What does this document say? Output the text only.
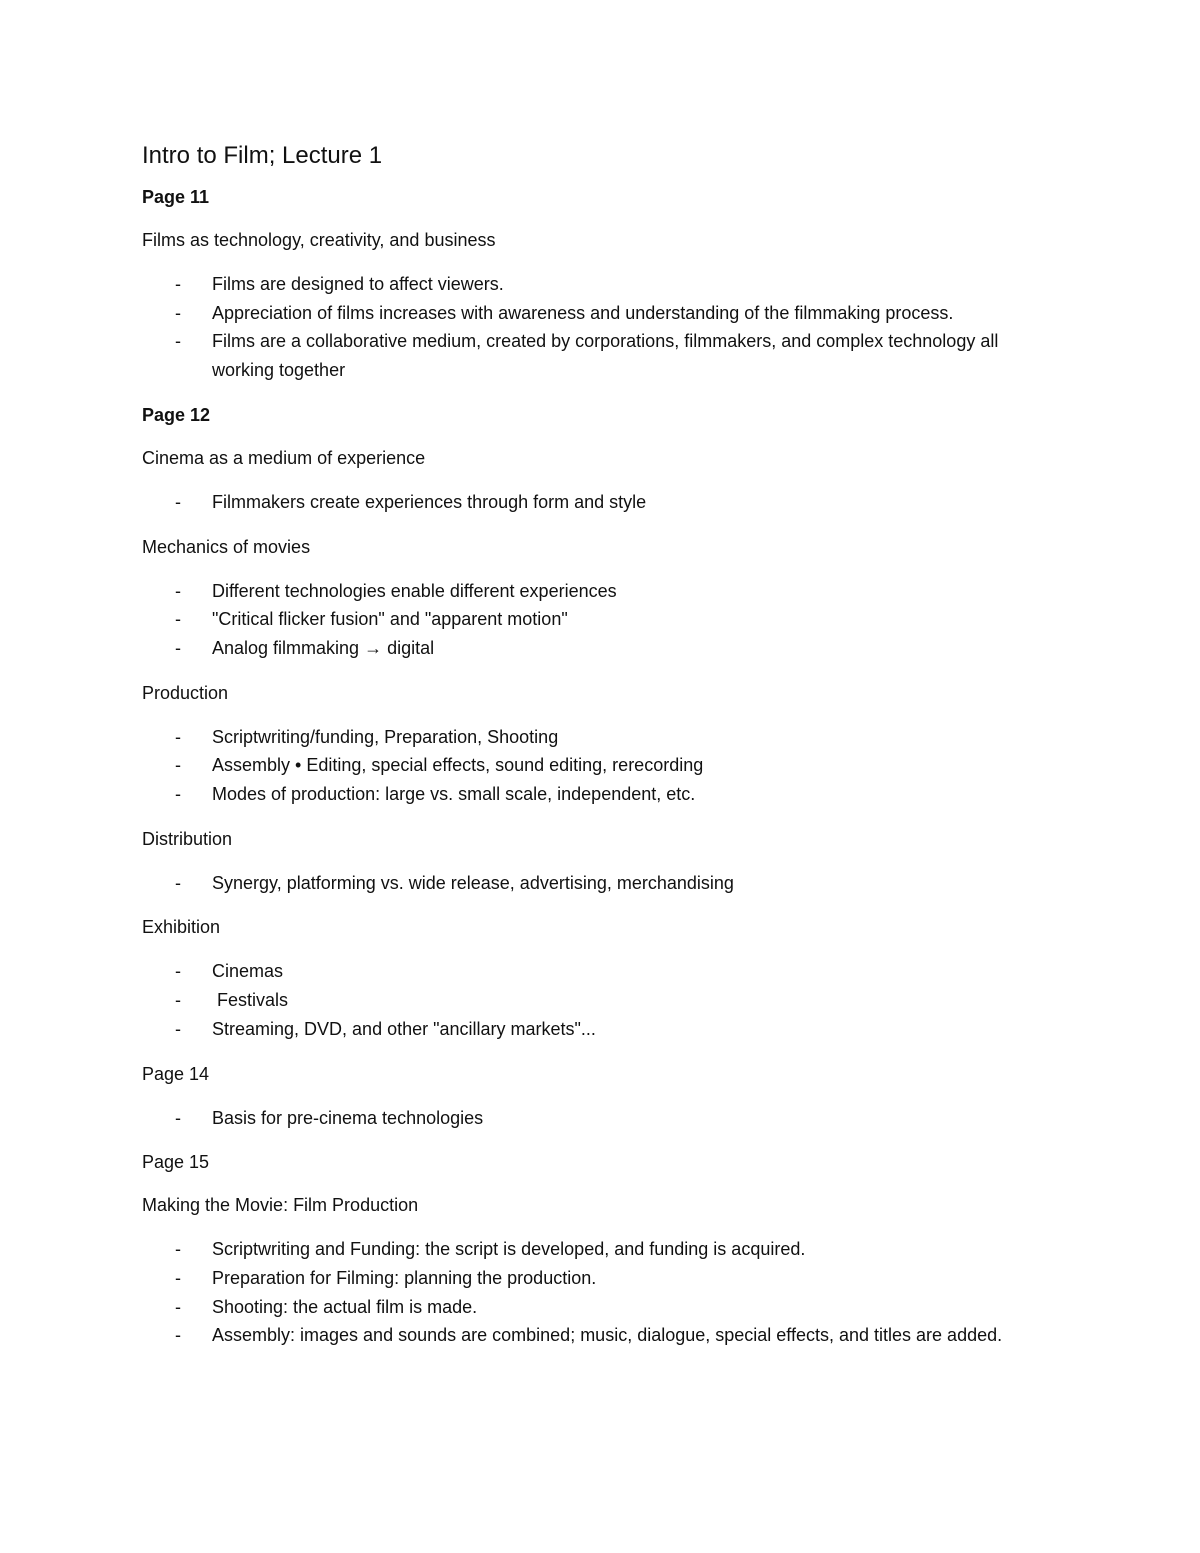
Intro to Film; Lecture 1
Page 11
Films as technology, creativity, and business
- Films are designed to affect viewers.
- Appreciation of films increases with awareness and understanding of the filmmaking process.
- Films are a collaborative medium, created by corporations, filmmakers, and complex technology all working together
Page 12
Cinema as a medium of experience
- Filmmakers create experiences through form and style
Mechanics of movies
- Different technologies enable different experiences
- "Critical flicker fusion" and "apparent motion"
- Analog filmmaking → digital
Production
- Scriptwriting/funding, Preparation, Shooting
- Assembly • Editing, special effects, sound editing, rerecording
- Modes of production: large vs. small scale, independent, etc.
Distribution
- Synergy, platforming vs. wide release, advertising, merchandising
Exhibition
- Cinemas
- Festivals
- Streaming, DVD, and other "ancillary markets"...
Page 14
- Basis for pre-cinema technologies
Page 15
Making the Movie: Film Production
- Scriptwriting and Funding: the script is developed, and funding is acquired.
- Preparation for Filming: planning the production.
- Shooting: the actual film is made.
- Assembly: images and sounds are combined; music, dialogue, special effects, and titles are added.
